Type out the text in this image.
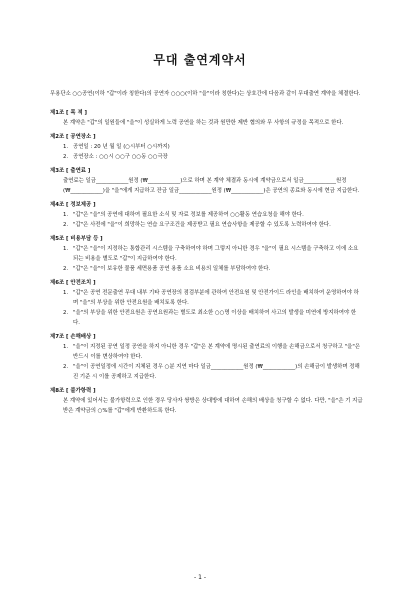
무대 출연계약서
무용단소 ○○공연(이하 "갑"이라 칭한다)의 공연자 ○○○(이하 "을"이라 칭한다)는 상호간에 다음과 같이 무대출연 계약을 체결한다.
제1조 [ 목 적 ]
본 계약은 "갑"의 일원들에 "을"이 성실하게 노력 공연을 하는 것과 원만한 제반 협의와 무 사항의 규정을 목적으로 한다.
제2조 [ 공연장소 ]
1. 공연일 : 20 년 월 일 (○시부터 ○시까지)
2. 공연장소 : ○○시 ○○구 ○○동 ○○극장
제3조 [ 출연료 ]
출연료는 일금____________원정 (₩____________)으로 하며 본 계약 체결과 동시에 계약금으로서 일금____________원정 (₩____________)을 "을"에게 지급하고 잔금 일금____________원정 (₩____________)은 공연의 종료와 동시에 현금 지급한다.
제4조 [ 정보제공 ]
1. "갑"은 "을"의 공연에 대하여 필요한 소식 및 자료 정보를 제공하여 ○○활동 연습요청을 해야 한다.
2. "갑"은 사전에 "을"이 희망하는 연습 요구조건을 제공받고 필요 연습사항을 제공할 수 있도록 노력하여야 한다.
제5조 [ 비용부담 등 ]
1. "갑"은 "을"이 지정하는 통합관리 시스템을 구축하여야 하며 그렇지 아니한 경우 "을"이 필요 시스템을 구축하고 이에 소요되는 비용을 별도로 "갑"이 지급하여야 한다.
2. "갑"은 "을"이 보유한 물품 세면용품 공연 용품 소요 비용의 일체를 부담하여야 한다.
제6조 [ 안전조치 ]
1. "갑"은 공연 전문출연 무대 내부 기타 공연장의 점검부분에 관하여 안전요원 및 안전가이드 라인을 배치하여 운영하여야 하며 "을"의 부상을 위한 안전요원을 배치토록 한다.
2. "을"의 부상을 위한 안전요원은 공연요원과는 별도로 최소한 ○○명 이상을 배치하여 사고의 발생을 미연에 방지하여야 한다.
제7조 [ 손해배상 ]
1. "을"이 지정된 공연 일정 공연을 하지 아니한 경우 "갑"은 본 계약에 명시된 출연료의 이행을 손해금으로서 청구하고 "을"은 반드시 이를 변상하여야 한다.
2. "을"이 공연일정에 시간이 지체된 경우 ○분 지연 마다 일금____________원정 (₩____________)의 손해금이 발생하며 정해진 기준 시 이를 공제하고 지급한다.
제8조 [ 불가항력 ]
본 계약에 있어서는 불가항력으로 인한 경우 당사자 쌍방은 상대방에 대하여 손해의 배상을 청구할 수 없다. 다만, "을"은 기 지급받은 계약금의 ○%를 "갑"에게 반환하도록 한다.
- 1 -
